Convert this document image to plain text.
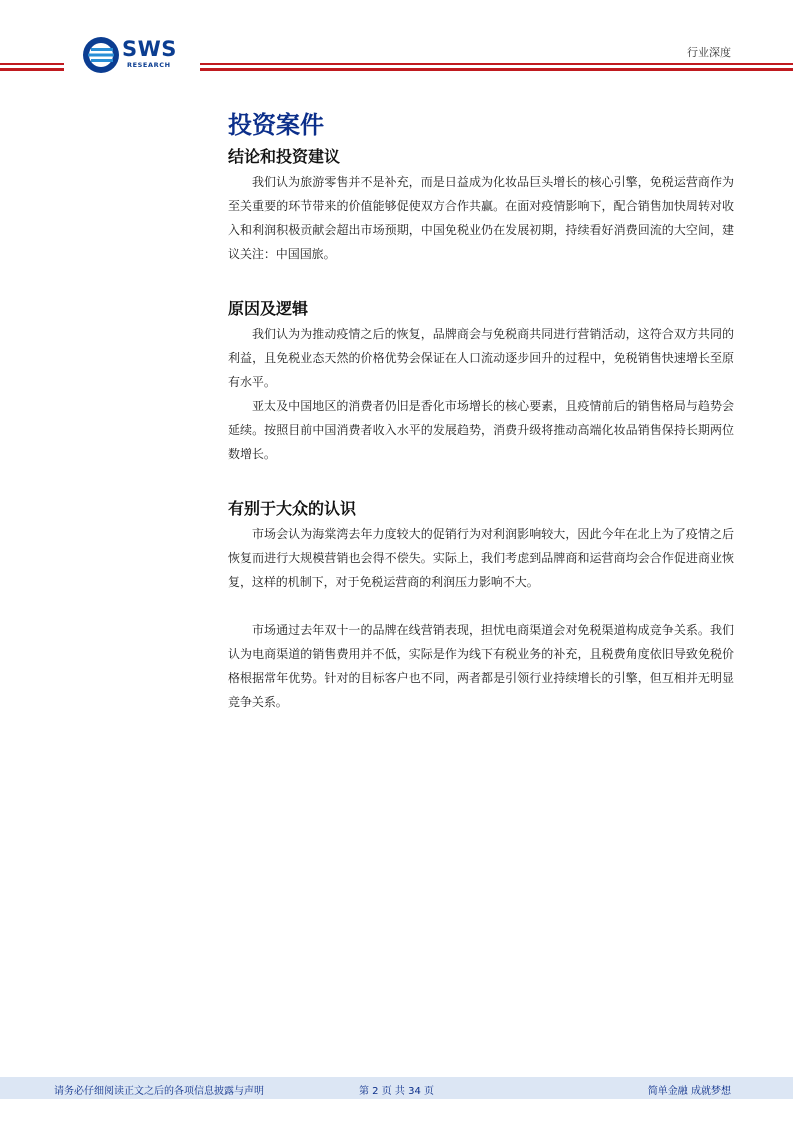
SWS
RESEARCH
行业深度
投资案件
结论和投资建议

我们认为旅游零售并不是补充，而是日益成为化妆品巨头增长的核心引擎，免税运营商作为至关重要的环节带来的价值能够促使双方合作共赢。在面对疫情影响下，配合销售加快周转对收入和利润积极贡献会超出市场预期，中国免税业仍在发展初期，持续看好消费回流的大空间，建议关注：中国国旅。

原因及逻辑

我们认为为推动疫情之后的恢复，品牌商会与免税商共同进行营销活动，这符合双方共同的利益，且免税业态天然的价格优势会保证在人口流动逐步回升的过程中，免税销售快速增长至原有水平。

亚太及中国地区的消费者仍旧是香化市场增长的核心要素，且疫情前后的销售格局与趋势会延续。按照目前中国消费者收入水平的发展趋势，消费升级将推动高端化妆品销售保持长期两位数增长。

有别于大众的认识

市场会认为海棠湾去年力度较大的促销行为对利润影响较大，因此今年在北上为了疫情之后恢复而进行大规模营销也会得不偿失。实际上，我们考虑到品牌商和运营商均会合作促进商业恢复，这样的机制下，对于免税运营商的利润压力影响不大。

市场通过去年双十一的品牌在线营销表现，担忧电商渠道会对免税渠道构成竞争关系。我们认为电商渠道的销售费用并不低，实际是作为线下有税业务的补充，且税费角度依旧导致免税价格根据常年优势。针对的目标客户也不同，两者都是引领行业持续增长的引擎，但互相并无明显竞争关系。

请务必仔细阅读正文之后的各项信息披露与声明	第 2 页 共 34 页	简单金融 成就梦想
